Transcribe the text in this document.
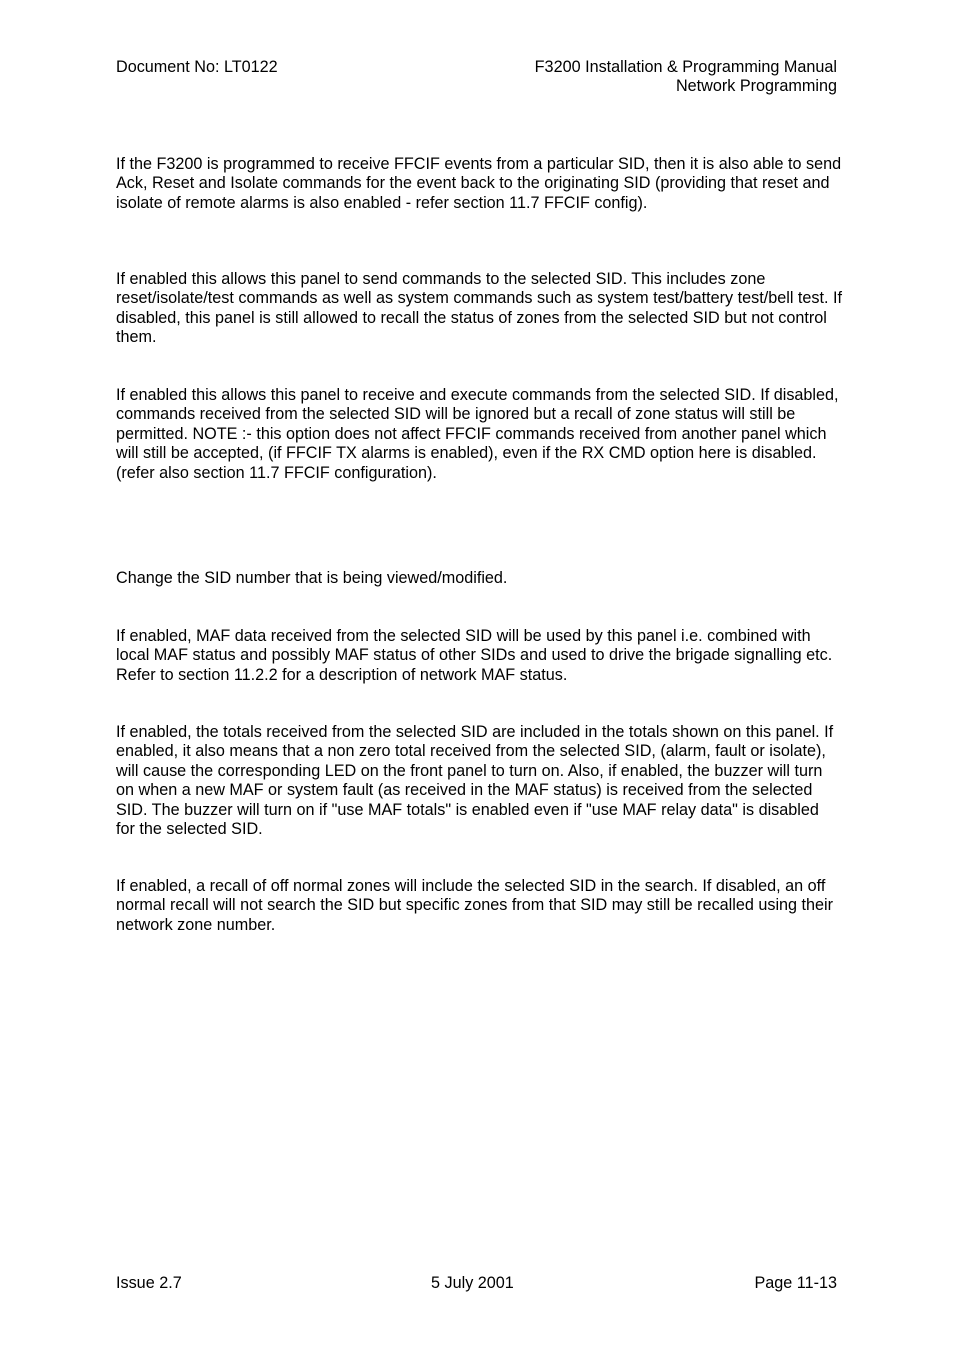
Document No: LT0122	F3200 Installation & Programming Manual
Network Programming

If the F3200 is programmed to receive FFCIF events from a particular SID, then it is also able to send Ack, Reset and Isolate commands for the event back to the originating SID (providing that reset and isolate of remote alarms is also enabled - refer section 11.7 FFCIF config).

If enabled this allows this panel to send commands to the selected SID. This includes zone reset/isolate/test commands as well as system commands such as system test/battery test/bell test. If disabled, this panel is still allowed to recall the status of zones from the selected SID but not control them.

If enabled this allows this panel to receive and execute commands from the selected SID. If disabled, commands received from the selected SID will be ignored but a recall of zone status will still be permitted. NOTE :- this option does not affect FFCIF commands received from another panel which will still be accepted, (if FFCIF TX alarms is enabled), even if the RX CMD option here is disabled. (refer also section 11.7 FFCIF configuration).

Change the SID number that is being viewed/modified.

If enabled, MAF data received from the selected SID will be used by this panel i.e. combined with local MAF status and possibly MAF status of other SIDs and used to drive the brigade signalling etc. Refer to section 11.2.2 for a description of network MAF status.

If enabled, the totals received from the selected SID are included in the totals shown on this panel. If enabled, it also means that a non zero total received from the selected SID, (alarm, fault or isolate), will cause the corresponding LED on the front panel to turn on. Also, if enabled, the buzzer will turn on when a new MAF or system fault (as received in the MAF status) is received from the selected SID. The buzzer will turn on if "use MAF totals" is enabled even if "use MAF relay data" is disabled for the selected SID.

If enabled, a recall of off normal zones will include the selected SID in the search. If disabled, an off normal recall will not search the SID but specific zones from that SID may still be recalled using their network zone number.

Issue 2.7	5 July 2001	Page 11-13
